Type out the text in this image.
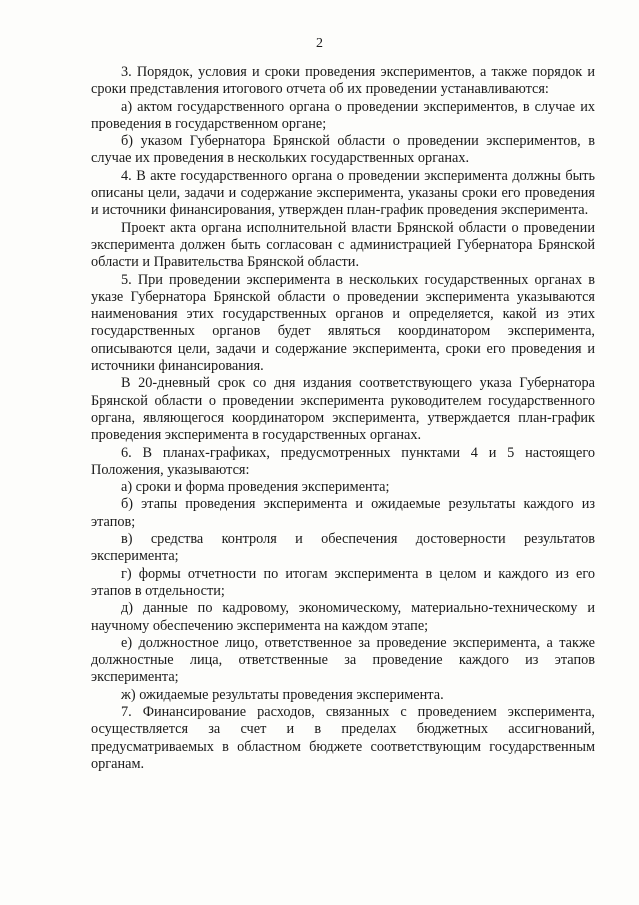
2

3. Порядок, условия и сроки проведения экспериментов, а также порядок и сроки представления итогового отчета об их проведении устанавливаются:

а) актом государственного органа о проведении экспериментов, в случае их проведения в государственном органе;

б) указом Губернатора Брянской области о проведении экспериментов, в случае их проведения в нескольких государственных органах.

4. В акте государственного органа о проведении эксперимента должны быть описаны цели, задачи и содержание эксперимента, указаны сроки его проведения и источники финансирования, утвержден план-график проведения эксперимента.

Проект акта органа исполнительной власти Брянской области о проведении эксперимента должен быть согласован с администрацией Губернатора Брянской области и Правительства Брянской области.

5. При проведении эксперимента в нескольких государственных органах в указе Губернатора Брянской области о проведении эксперимента указываются наименования этих государственных органов и определяется, какой из этих государственных органов будет являться координатором эксперимента, описываются цели, задачи и содержание эксперимента, сроки его проведения и источники финансирования.

В 20-дневный срок со дня издания соответствующего указа Губернатора Брянской области о проведении эксперимента руководителем государственного органа, являющегося координатором эксперимента, утверждается план-график проведения эксперимента в государственных органах.

6. В планах-графиках, предусмотренных пунктами 4 и 5 настоящего Положения, указываются:

а) сроки и форма проведения эксперимента;

б) этапы проведения эксперимента и ожидаемые результаты каждого из этапов;

в) средства контроля и обеспечения достоверности результатов эксперимента;

г) формы отчетности по итогам эксперимента в целом и каждого из его этапов в отдельности;

д) данные по кадровому, экономическому, материально-техническому и научному обеспечению эксперимента на каждом этапе;

е) должностное лицо, ответственное за проведение эксперимента, а также должностные лица, ответственные за проведение каждого из этапов эксперимента;

ж) ожидаемые результаты проведения эксперимента.

7. Финансирование расходов, связанных с проведением эксперимента, осуществляется за счет и в пределах бюджетных ассигнований, предусматриваемых в областном бюджете соответствующим государственным органам.
